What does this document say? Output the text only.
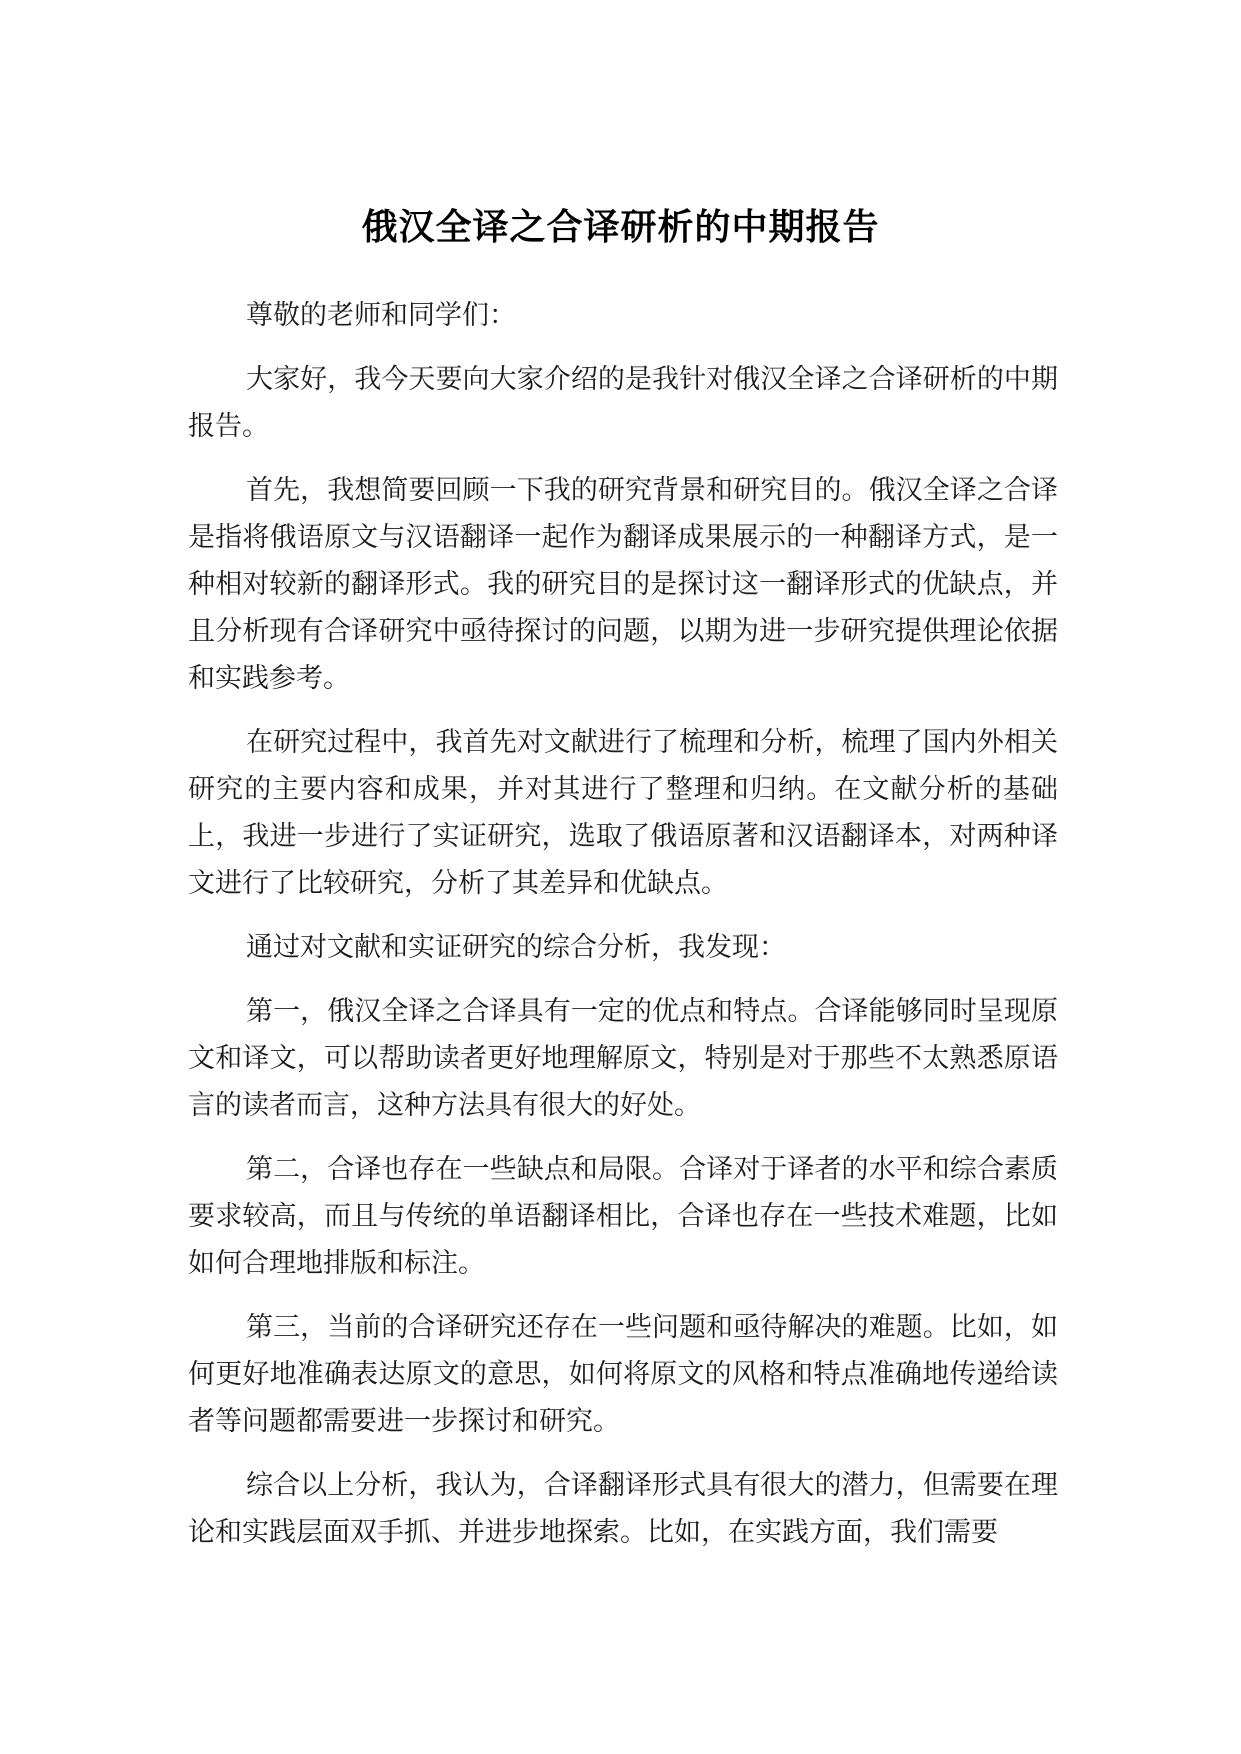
俄汉全译之合译研析的中期报告

尊敬的老师和同学们：

大家好，我今天要向大家介绍的是我针对俄汉全译之合译研析的中期报告。

首先，我想简要回顾一下我的研究背景和研究目的。俄汉全译之合译是指将俄语原文与汉语翻译一起作为翻译成果展示的一种翻译方式，是一种相对较新的翻译形式。我的研究目的是探讨这一翻译形式的优缺点，并且分析现有合译研究中亟待探讨的问题，以期为进一步研究提供理论依据和实践参考。

在研究过程中，我首先对文献进行了梳理和分析，梳理了国内外相关研究的主要内容和成果，并对其进行了整理和归纳。在文献分析的基础上，我进一步进行了实证研究，选取了俄语原著和汉语翻译本，对两种译文进行了比较研究，分析了其差异和优缺点。

通过对文献和实证研究的综合分析，我发现：

第一，俄汉全译之合译具有一定的优点和特点。合译能够同时呈现原文和译文，可以帮助读者更好地理解原文，特别是对于那些不太熟悉原语言的读者而言，这种方法具有很大的好处。

第二，合译也存在一些缺点和局限。合译对于译者的水平和综合素质要求较高，而且与传统的单语翻译相比，合译也存在一些技术难题，比如如何合理地排版和标注。

第三，当前的合译研究还存在一些问题和亟待解决的难题。比如，如何更好地准确表达原文的意思，如何将原文的风格和特点准确地传递给读者等问题都需要进一步探讨和研究。

综合以上分析，我认为，合译翻译形式具有很大的潜力，但需要在理论和实践层面双手抓、并进步地探索。比如，在实践方面，我们需要
